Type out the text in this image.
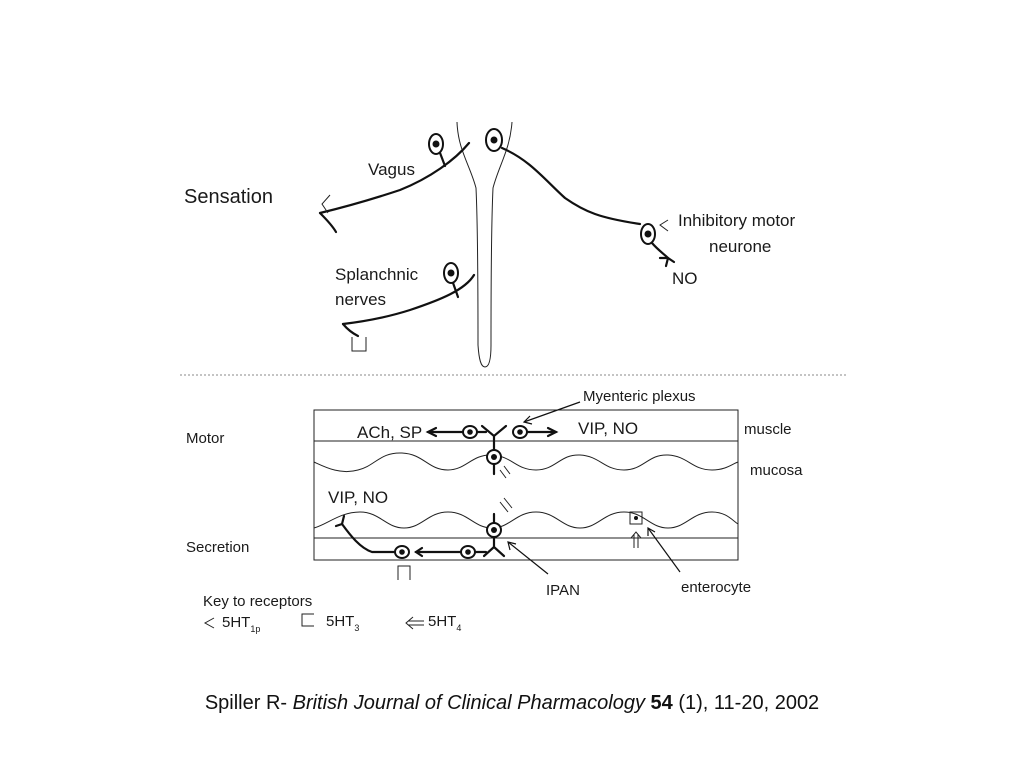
Sensation
Vagus
Splanchnic
nerves
Inhibitory motor
neurone
NO
Myenteric plexus
ACh, SP	VIP, NO	muscle
mucosa
VIP, NO
Motor
Secretion
IPAN	enterocyte
Key to receptors
$5HT_{1p}$	$5HT_3$	$5HT_4$
Spiller R- British Journal of Clinical Pharmacology 54 (1), 11-20, 2002
